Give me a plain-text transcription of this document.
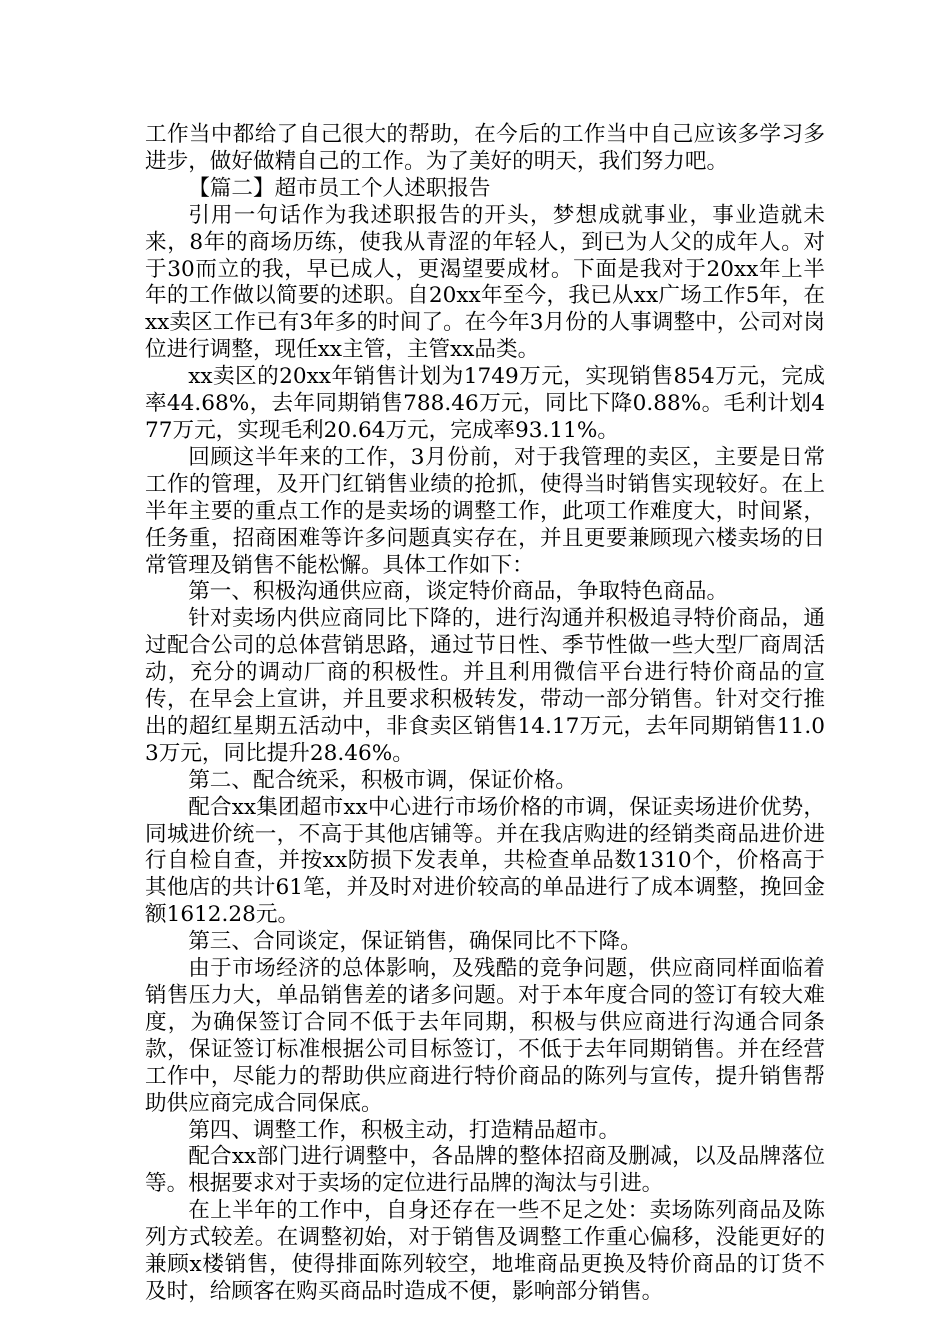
工作当中都给了自己很大的帮助，在今后的工作当中自己应该多学习多进步，做好做精自己的工作。为了美好的明天，我们努力吧。

【篇二】超市员工个人述职报告

引用一句话作为我述职报告的开头，梦想成就事业，事业造就未来，8年的商场历练，使我从青涩的年轻人，到已为人父的成年人。对于30而立的我，早已成人，更渴望要成材。下面是我对于20xx年上半年的工作做以简要的述职。自20xx年至今，我已从xx广场工作5年，在xx卖区工作已有3年多的时间了。在今年3月份的人事调整中，公司对岗位进行调整，现任xx主管，主管xx品类。

xx卖区的20xx年销售计划为1749万元，实现销售854万元，完成率44.68%，去年同期销售788.46万元，同比下降0.88%。毛利计划477万元，实现毛利20.64万元，完成率93.11%。

回顾这半年来的工作，3月份前，对于我管理的卖区，主要是日常工作的管理，及开门红销售业绩的抢抓，使得当时销售实现较好。在上半年主要的重点工作的是卖场的调整工作，此项工作难度大，时间紧，任务重，招商困难等许多问题真实存在，并且更要兼顾现六楼卖场的日常管理及销售不能松懈。具体工作如下：

第一、积极沟通供应商，谈定特价商品，争取特色商品。

针对卖场内供应商同比下降的，进行沟通并积极追寻特价商品，通过配合公司的总体营销思路，通过节日性、季节性做一些大型厂商周活动，充分的调动厂商的积极性。并且利用微信平台进行特价商品的宣传，在早会上宣讲，并且要求积极转发，带动一部分销售。针对交行推出的超红星期五活动中，非食卖区销售14.17万元，去年同期销售11.03万元，同比提升28.46%。

第二、配合统采，积极市调，保证价格。

配合xx集团超市xx中心进行市场价格的市调，保证卖场进价优势，同城进价统一，不高于其他店铺等。并在我店购进的经销类商品进价进行自检自查，并按xx防损下发表单，共检查单品数1310个，价格高于其他店的共计61笔，并及时对进价较高的单品进行了成本调整，挽回金额1612.28元。

第三、合同谈定，保证销售，确保同比不下降。

由于市场经济的总体影响，及残酷的竞争问题，供应商同样面临着销售压力大，单品销售差的诸多问题。对于本年度合同的签订有较大难度，为确保签订合同不低于去年同期，积极与供应商进行沟通合同条款，保证签订标准根据公司目标签订，不低于去年同期销售。并在经营工作中，尽能力的帮助供应商进行特价商品的陈列与宣传，提升销售帮助供应商完成合同保底。

第四、调整工作，积极主动，打造精品超市。

配合xx部门进行调整中，各品牌的整体招商及删减，以及品牌落位等。根据要求对于卖场的定位进行品牌的淘汰与引进。

在上半年的工作中，自身还存在一些不足之处：卖场陈列商品及陈列方式较差。在调整初始，对于销售及调整工作重心偏移，没能更好的兼顾x楼销售，使得排面陈列较空，地堆商品更换及特价商品的订货不及时，给顾客在购买商品时造成不便，影响部分销售。
